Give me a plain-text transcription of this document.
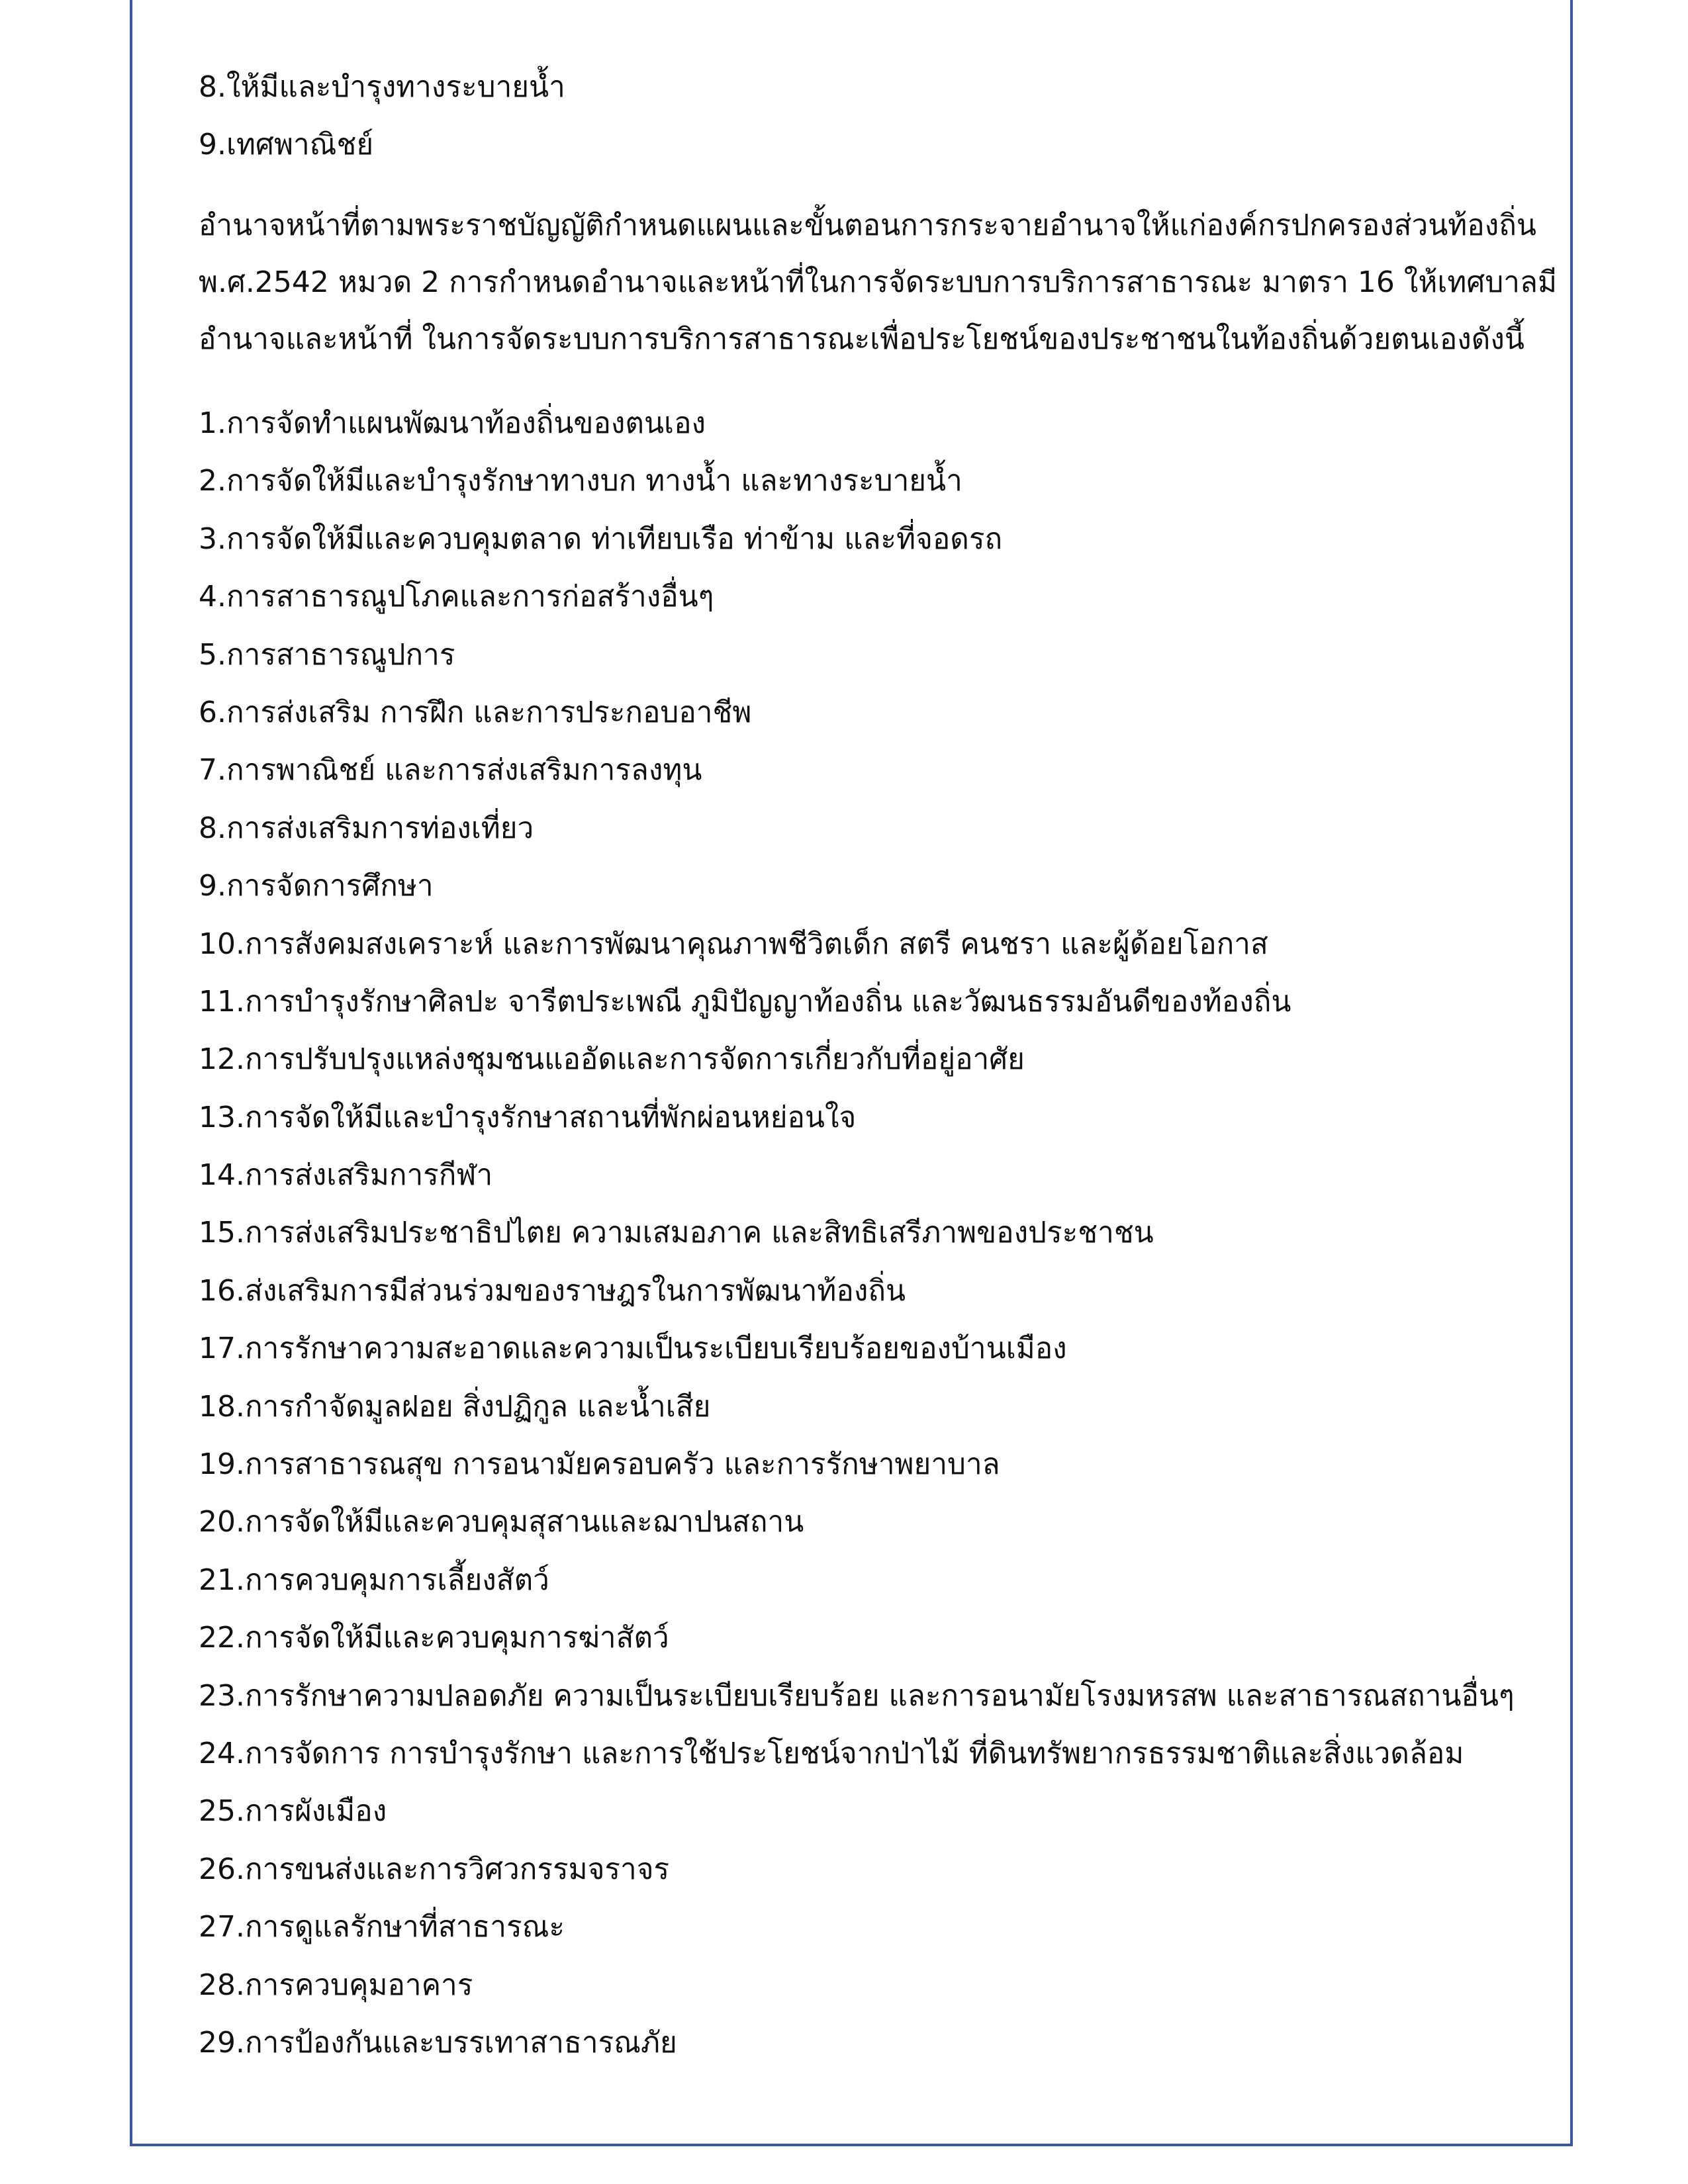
8.ให้มีและบำรุงทางระบายน้ำ

9.เทศพาณิชย์

อำนาจหน้าที่ตามพระราชบัญญัติกำหนดแผนและขั้นตอนการกระจายอำนาจให้แก่องค์กรปกครองส่วนท้องถิ่น

พ.ศ.2542 หมวด 2 การกำหนดอำนาจและหน้าที่ในการจัดระบบการบริการสาธารณะ มาตรา 16 ให้เทศบาลมี

อำนาจและหน้าที่ ในการจัดระบบการบริการสาธารณะเพื่อประโยชน์ของประชาชนในท้องถิ่นด้วยตนเองดังนี้

1.การจัดทำแผนพัฒนาท้องถิ่นของตนเอง

2.การจัดให้มีและบำรุงรักษาทางบก ทางน้ำ และทางระบายน้ำ

3.การจัดให้มีและควบคุมตลาด ท่าเทียบเรือ ท่าข้าม และที่จอดรถ

4.การสาธารณูปโภคและการก่อสร้างอื่นๆ

5.การสาธารณูปการ

6.การส่งเสริม การฝึก และการประกอบอาชีพ

7.การพาณิชย์ และการส่งเสริมการลงทุน

8.การส่งเสริมการท่องเที่ยว

9.การจัดการศึกษา

10.การสังคมสงเคราะห์ และการพัฒนาคุณภาพชีวิตเด็ก สตรี คนชรา และผู้ด้อยโอกาส

11.การบำรุงรักษาศิลปะ จารีตประเพณี ภูมิปัญญาท้องถิ่น และวัฒนธรรมอันดีของท้องถิ่น

12.การปรับปรุงแหล่งชุมชนแออัดและการจัดการเกี่ยวกับที่อยู่อาศัย

13.การจัดให้มีและบำรุงรักษาสถานที่พักผ่อนหย่อนใจ

14.การส่งเสริมการกีฬา

15.การส่งเสริมประชาธิปไตย ความเสมอภาค และสิทธิเสรีภาพของประชาชน

16.ส่งเสริมการมีส่วนร่วมของราษฎรในการพัฒนาท้องถิ่น

17.การรักษาความสะอาดและความเป็นระเบียบเรียบร้อยของบ้านเมือง

18.การกำจัดมูลฝอย สิ่งปฏิกูล และน้ำเสีย

19.การสาธารณสุข การอนามัยครอบครัว และการรักษาพยาบาล

20.การจัดให้มีและควบคุมสุสานและฌาปนสถาน

21.การควบคุมการเลี้ยงสัตว์

22.การจัดให้มีและควบคุมการฆ่าสัตว์

23.การรักษาความปลอดภัย ความเป็นระเบียบเรียบร้อย และการอนามัยโรงมหรสพ และสาธารณสถานอื่นๆ

24.การจัดการ การบำรุงรักษา และการใช้ประโยชน์จากป่าไม้ ที่ดินทรัพยากรธรรมชาติและสิ่งแวดล้อม

25.การผังเมือง

26.การขนส่งและการวิศวกรรมจราจร

27.การดูแลรักษาที่สาธารณะ

28.การควบคุมอาคาร

29.การป้องกันและบรรเทาสาธารณภัย
